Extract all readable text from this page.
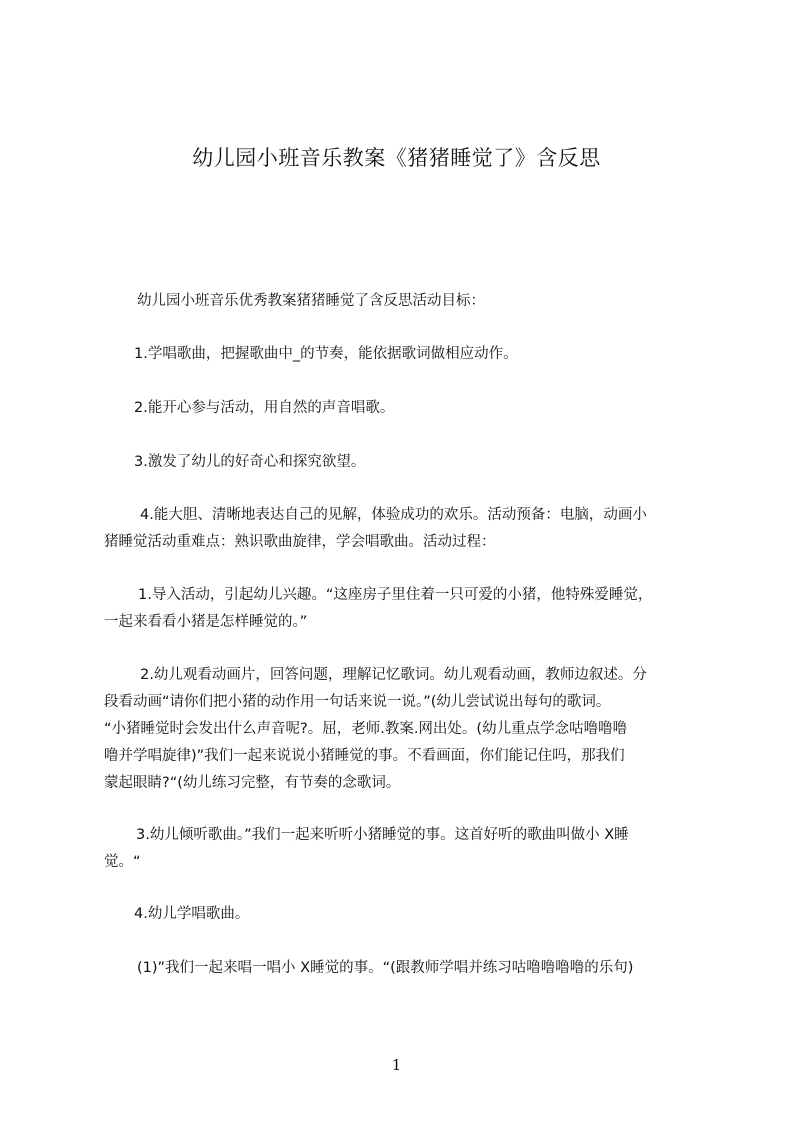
幼儿园小班音乐教案《猪猪睡觉了》含反思
幼儿园小班音乐优秀教案猪猪睡觉了含反思活动目标：
1.学唱歌曲，把握歌曲中_的节奏，能依据歌词做相应动作。
2.能开心参与活动，用自然的声音唱歌。
3.激发了幼儿的好奇心和探究欲望。
4.能大胆、清晰地表达自己的见解，体验成功的欢乐。活动预备：电脑，动画小
猪睡觉活动重难点：熟识歌曲旋律，学会唱歌曲。活动过程：
1.导入活动，引起幼儿兴趣。“这座房子里住着一只可爱的小猪，他特殊爱睡觉，
一起来看看小猪是怎样睡觉的。”
2.幼儿观看动画片，回答问题，理解记忆歌词。幼儿观看动画，教师边叙述。分
段看动画“请你们把小猪的动作用一句话来说一说。”(幼儿尝试说出每句的歌词。
“小猪睡觉时会发出什么声音呢?。屈，老师.教案.网出处。(幼儿重点学念咕噜噜噜
噜并学唱旋律)”我们一起来说说小猪睡觉的事。不看画面，你们能记住吗，那我们
蒙起眼睛?“(幼儿练习完整，有节奏的念歌词。
3.幼儿倾听歌曲。”我们一起来听听小猪睡觉的事。这首好听的歌曲叫做小 X睡
觉。“
4.幼儿学唱歌曲。
(1)”我们一起来唱一唱小 X睡觉的事。“(跟教师学唱并练习咕噜噜噜噜的乐句)
1
